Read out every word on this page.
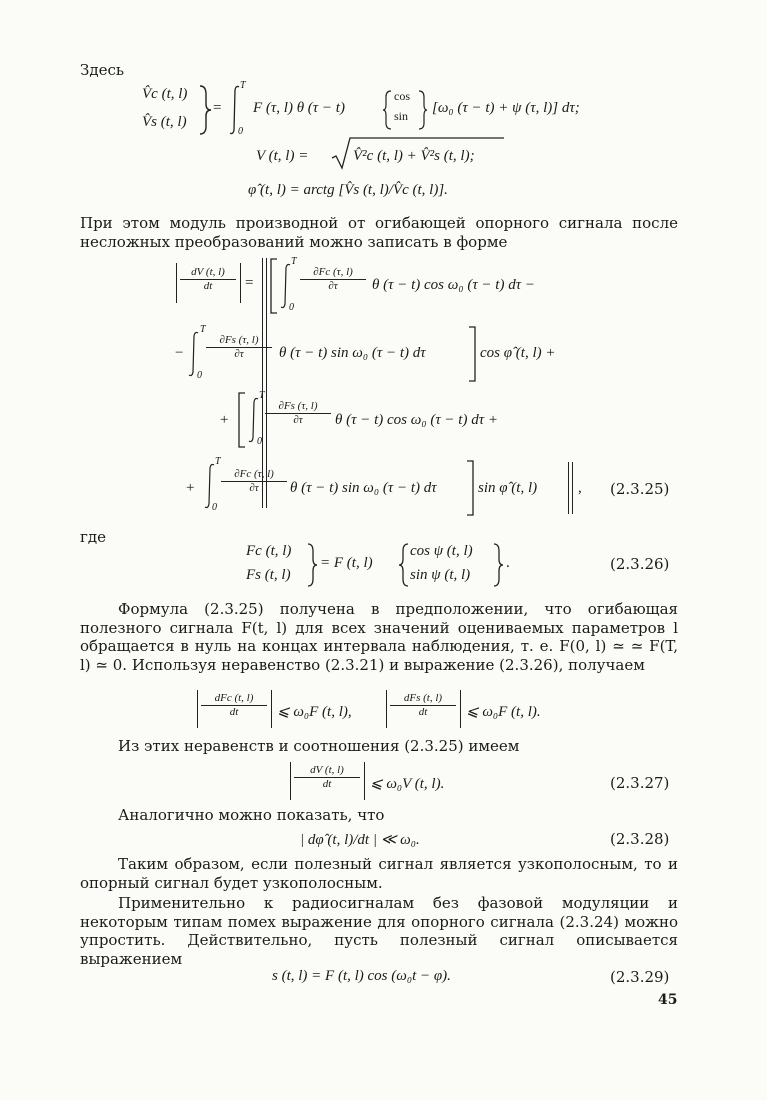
Здесь
V̂c (t, l)
V̂s (t, l)
=
T
0
F (τ, l) θ (τ − t)
cos
sin [ω₀ (τ − t) + ψ (τ, l)] dτ;
V (t, l) =	V̂²c (t, l) + V̂²s (t, l);
φ̂ (t, l) = arctg [V̂s (t, l)/V̂c (t, l)].
При этом модуль производной от огибающей опорного сигнала после несложных преобразований можно записать в форме
dV (t, l)
dt	=
T
0
∂Fc (τ, l)
∂τ	θ (τ − t) cos ω₀ (τ − t) dτ −
−
T
0
∂Fs (τ, l)
∂τ	θ (τ − t) sin ω₀ (τ − t) dτ	cos φ̂ (t, l) +
+
T
0
∂Fs (τ, l)
∂τ	θ (τ − t) cos ω₀ (τ − t) dτ +
+
T
0
∂Fc (τ, l)
∂τ	θ (τ − t) sin ω₀ (τ − t) dτ	sin φ̂ (t, l)	, (2.3.25)
где
Fc (t, l)
Fs (t, l)
= F (t, l)
cos ψ (t, l)
sin ψ (t, l)
.	(2.3.26)
Формула (2.3.25) получена в предположении, что огибающая полезного сигнала F(t, l) для всех значений оцениваемых параметров l обращается в нуль на концах интервала наблюдения, т. е. F(0, l) ≃ ≃ F(T, l) ≃ 0. Используя неравенство (2.3.21) и выражение (2.3.26), получаем
dFc (t, l)
dt	⩽ ω₀F (t, l),
dFs (t, l)
dt	⩽ ω₀F (t, l).
Из этих неравенств и соотношения (2.3.25) имеем
dV (t, l)
dt	⩽ ω₀V (t, l).	(2.3.27)
Аналогично можно показать, что
| dφ̂ (t, l)/dt | ≪ ω₀.	(2.3.28)
Таким образом, если полезный сигнал является узкополосным, то и опорный сигнал будет узкополосным.
Применительно к радиосигналам без фазовой модуляции и некоторым типам помех выражение для опорного сигнала (2.3.24) можно упростить. Действительно, пусть полезный сигнал описывается выражением
s (t, l) = F (t, l) cos (ω₀t − φ).	(2.3.29)
45
